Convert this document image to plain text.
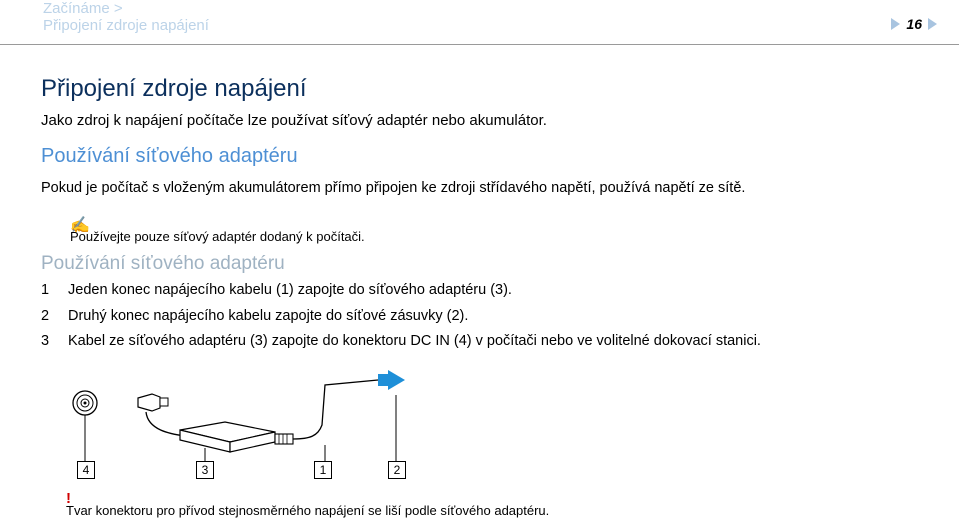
Začínáme >
Připojení zdroje napájení	16
Připojení zdroje napájení
Jako zdroj k napájení počítače lze používat síťový adaptér nebo akumulátor.
Používání síťového adaptéru
Pokud je počítač s vloženým akumulátorem přímo připojen ke zdroji střídavého napětí, používá napětí ze sítě.
✍
Používejte pouze síťový adaptér dodaný k počítači.
Používání síťového adaptéru
1 Jeden konec napájecího kabelu (1) zapojte do síťového adaptéru (3).
2 Druhý konec napájecího kabelu zapojte do síťové zásuvky (2).
3 Kabel ze síťového adaptéru (3) zapojte do konektoru DC IN (4) v počítači nebo ve volitelné dokovací stanici.
4	3	1	2
!
Tvar konektoru pro přívod stejnosměrného napájení se liší podle síťového adaptéru.
